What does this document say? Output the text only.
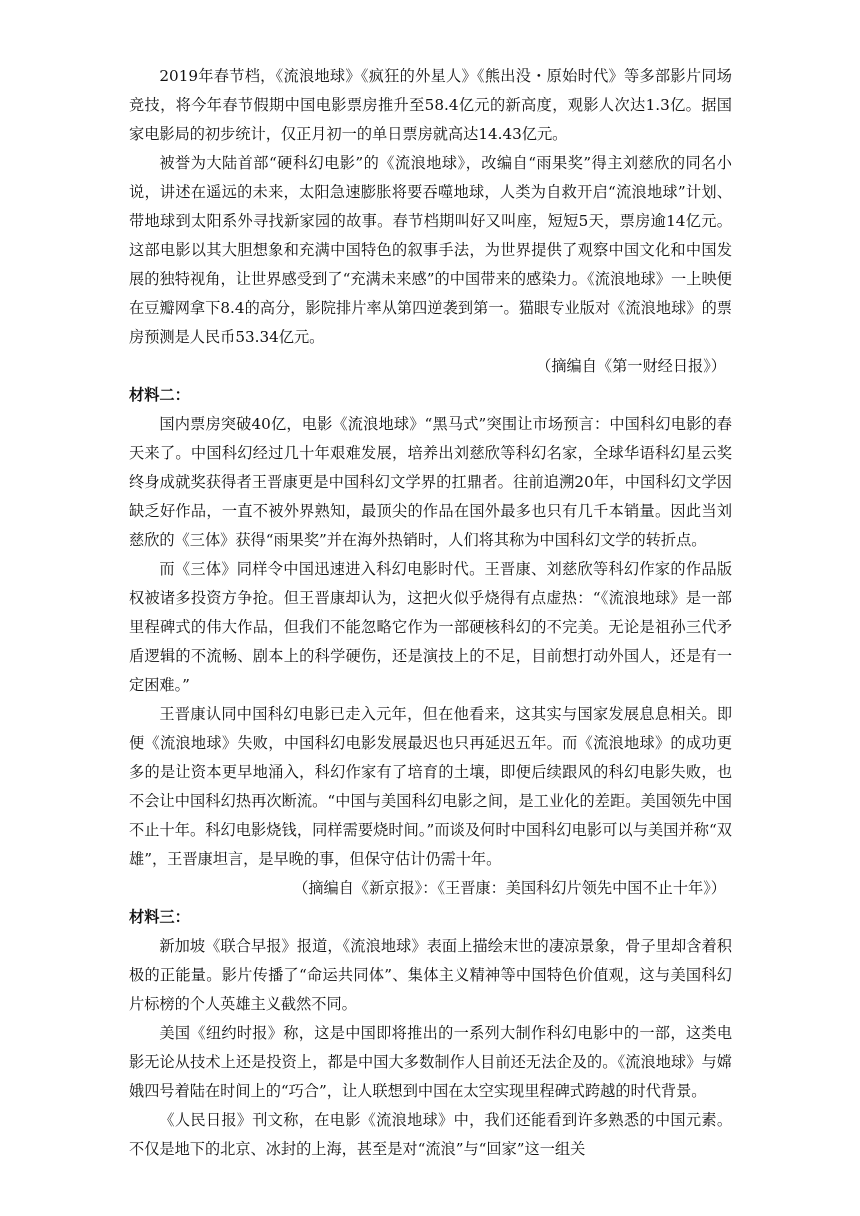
2019年春节档，《流浪地球》《疯狂的外星人》《熊出没・原始时代》等多部影片同场竞技，将今年春节假期中国电影票房推升至58.4亿元的新高度，观影人次达1.3亿。据国家电影局的初步统计，仅正月初一的单日票房就高达14.43亿元。

被誉为大陆首部“硬科幻电影”的《流浪地球》，改编自“雨果奖”得主刘慈欣的同名小说，讲述在遥远的未来，太阳急速膨胀将要吞噬地球，人类为自救开启“流浪地球”计划、带地球到太阳系外寻找新家园的故事。春节档期叫好又叫座，短短5天，票房逾14亿元。这部电影以其大胆想象和充满中国特色的叙事手法，为世界提供了观察中国文化和中国发展的独特视角，让世界感受到了“充满未来感”的中国带来的感染力。《流浪地球》一上映便在豆瓣网拿下8.4的高分，影院排片率从第四逆袭到第一。猫眼专业版对《流浪地球》的票房预测是人民币53.34亿元。

（摘编自《第一财经日报》）

材料二：

国内票房突破40亿，电影《流浪地球》“黑马式”突围让市场预言：中国科幻电影的春天来了。中国科幻经过几十年艰难发展，培养出刘慈欣等科幻名家，全球华语科幻星云奖终身成就奖获得者王晋康更是中国科幻文学界的扛鼎者。往前追溯20年，中国科幻文学因缺乏好作品，一直不被外界熟知，最顶尖的作品在国外最多也只有几千本销量。因此当刘慈欣的《三体》获得“雨果奖”并在海外热销时，人们将其称为中国科幻文学的转折点。

而《三体》同样令中国迅速进入科幻电影时代。王晋康、刘慈欣等科幻作家的作品版权被诸多投资方争抢。但王晋康却认为，这把火似乎烧得有点虚热：“《流浪地球》是一部里程碑式的伟大作品，但我们不能忽略它作为一部硬核科幻的不完美。无论是祖孙三代矛盾逻辑的不流畅、剧本上的科学硬伤，还是演技上的不足，目前想打动外国人，还是有一定困难。”

王晋康认同中国科幻电影已走入元年，但在他看来，这其实与国家发展息息相关。即便《流浪地球》失败，中国科幻电影发展最迟也只再延迟五年。而《流浪地球》的成功更多的是让资本更早地涌入，科幻作家有了培育的土壤，即便后续跟风的科幻电影失败，也不会让中国科幻热再次断流。“中国与美国科幻电影之间，是工业化的差距。美国领先中国不止十年。科幻电影烧钱，同样需要烧时间。”而谈及何时中国科幻电影可以与美国并称“双雄”，王晋康坦言，是早晚的事，但保守估计仍需十年。

（摘编自《新京报》：《王晋康：美国科幻片领先中国不止十年》）

材料三：

新加坡《联合早报》报道，《流浪地球》表面上描绘末世的凄凉景象，骨子里却含着积极的正能量。影片传播了“命运共同体”、集体主义精神等中国特色价值观，这与美国科幻片标榜的个人英雄主义截然不同。

美国《纽约时报》称，这是中国即将推出的一系列大制作科幻电影中的一部，这类电影无论从技术上还是投资上，都是中国大多数制作人目前还无法企及的。《流浪地球》与嫦娥四号着陆在时间上的“巧合”，让人联想到中国在太空实现里程碑式跨越的时代背景。

《人民日报》刊文称，在电影《流浪地球》中，我们还能看到许多熟悉的中国元素。不仅是地下的北京、冰封的上海，甚至是对“流浪”与“回家”这一组关
